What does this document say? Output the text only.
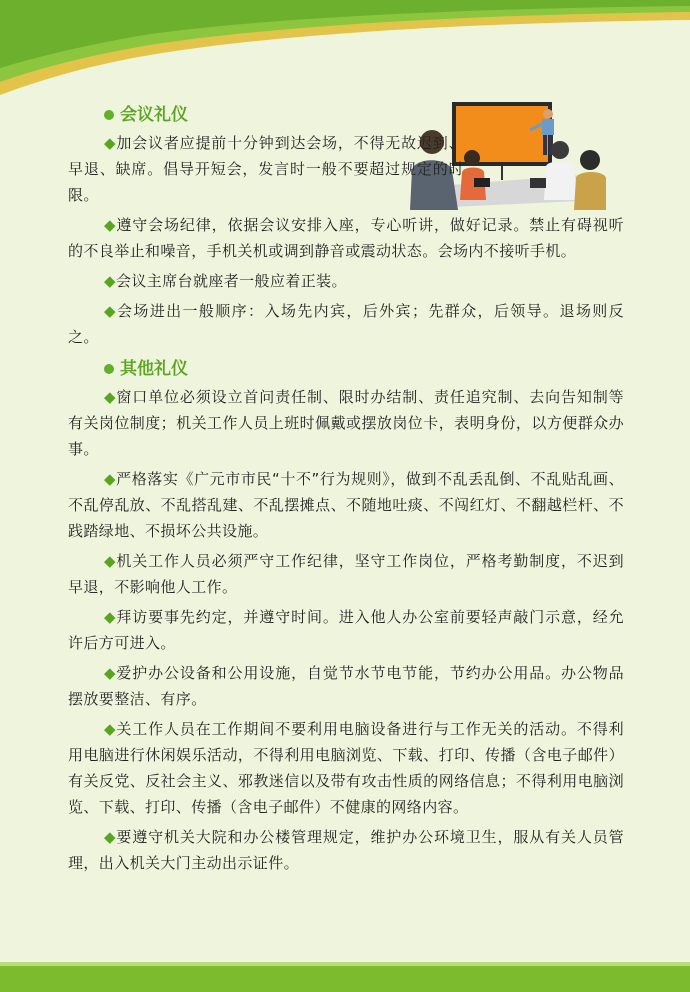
会议礼仪

◆加会议者应提前十分钟到达会场，不得无故迟到、早退、缺席。倡导开短会，发言时一般不要超过规定的时限。

◆遵守会场纪律，依据会议安排入座，专心听讲，做好记录。禁止有碍视听的不良举止和噪音，手机关机或调到静音或震动状态。会场内不接听手机。

◆会议主席台就座者一般应着正装。

◆会场进出一般顺序：入场先内宾，后外宾；先群众，后领导。退场则反之。

其他礼仪

◆窗口单位必须设立首问责任制、限时办结制、责任追究制、去向告知制等有关岗位制度；机关工作人员上班时佩戴或摆放岗位卡，表明身份，以方便群众办事。

◆严格落实《广元市市民“十不”行为规则》，做到不乱丢乱倒、不乱贴乱画、不乱停乱放、不乱搭乱建、不乱摆摊点、不随地吐痰、不闯红灯、不翻越栏杆、不践踏绿地、不损坏公共设施。

◆机关工作人员必须严守工作纪律，坚守工作岗位，严格考勤制度，不迟到早退，不影响他人工作。

◆拜访要事先约定，并遵守时间。进入他人办公室前要轻声敲门示意，经允许后方可进入。

◆爱护办公设备和公用设施，自觉节水节电节能，节约办公用品。办公物品摆放要整洁、有序。

◆关工作人员在工作期间不要利用电脑设备进行与工作无关的活动。不得利用电脑进行休闲娱乐活动，不得利用电脑浏览、下载、打印、传播（含电子邮件）有关反党、反社会主义、邪教迷信以及带有攻击性质的网络信息；不得利用电脑浏览、下载、打印、传播（含电子邮件）不健康的网络内容。

◆要遵守机关大院和办公楼管理规定，维护办公环境卫生，服从有关人员管理，出入机关大门主动出示证件。
